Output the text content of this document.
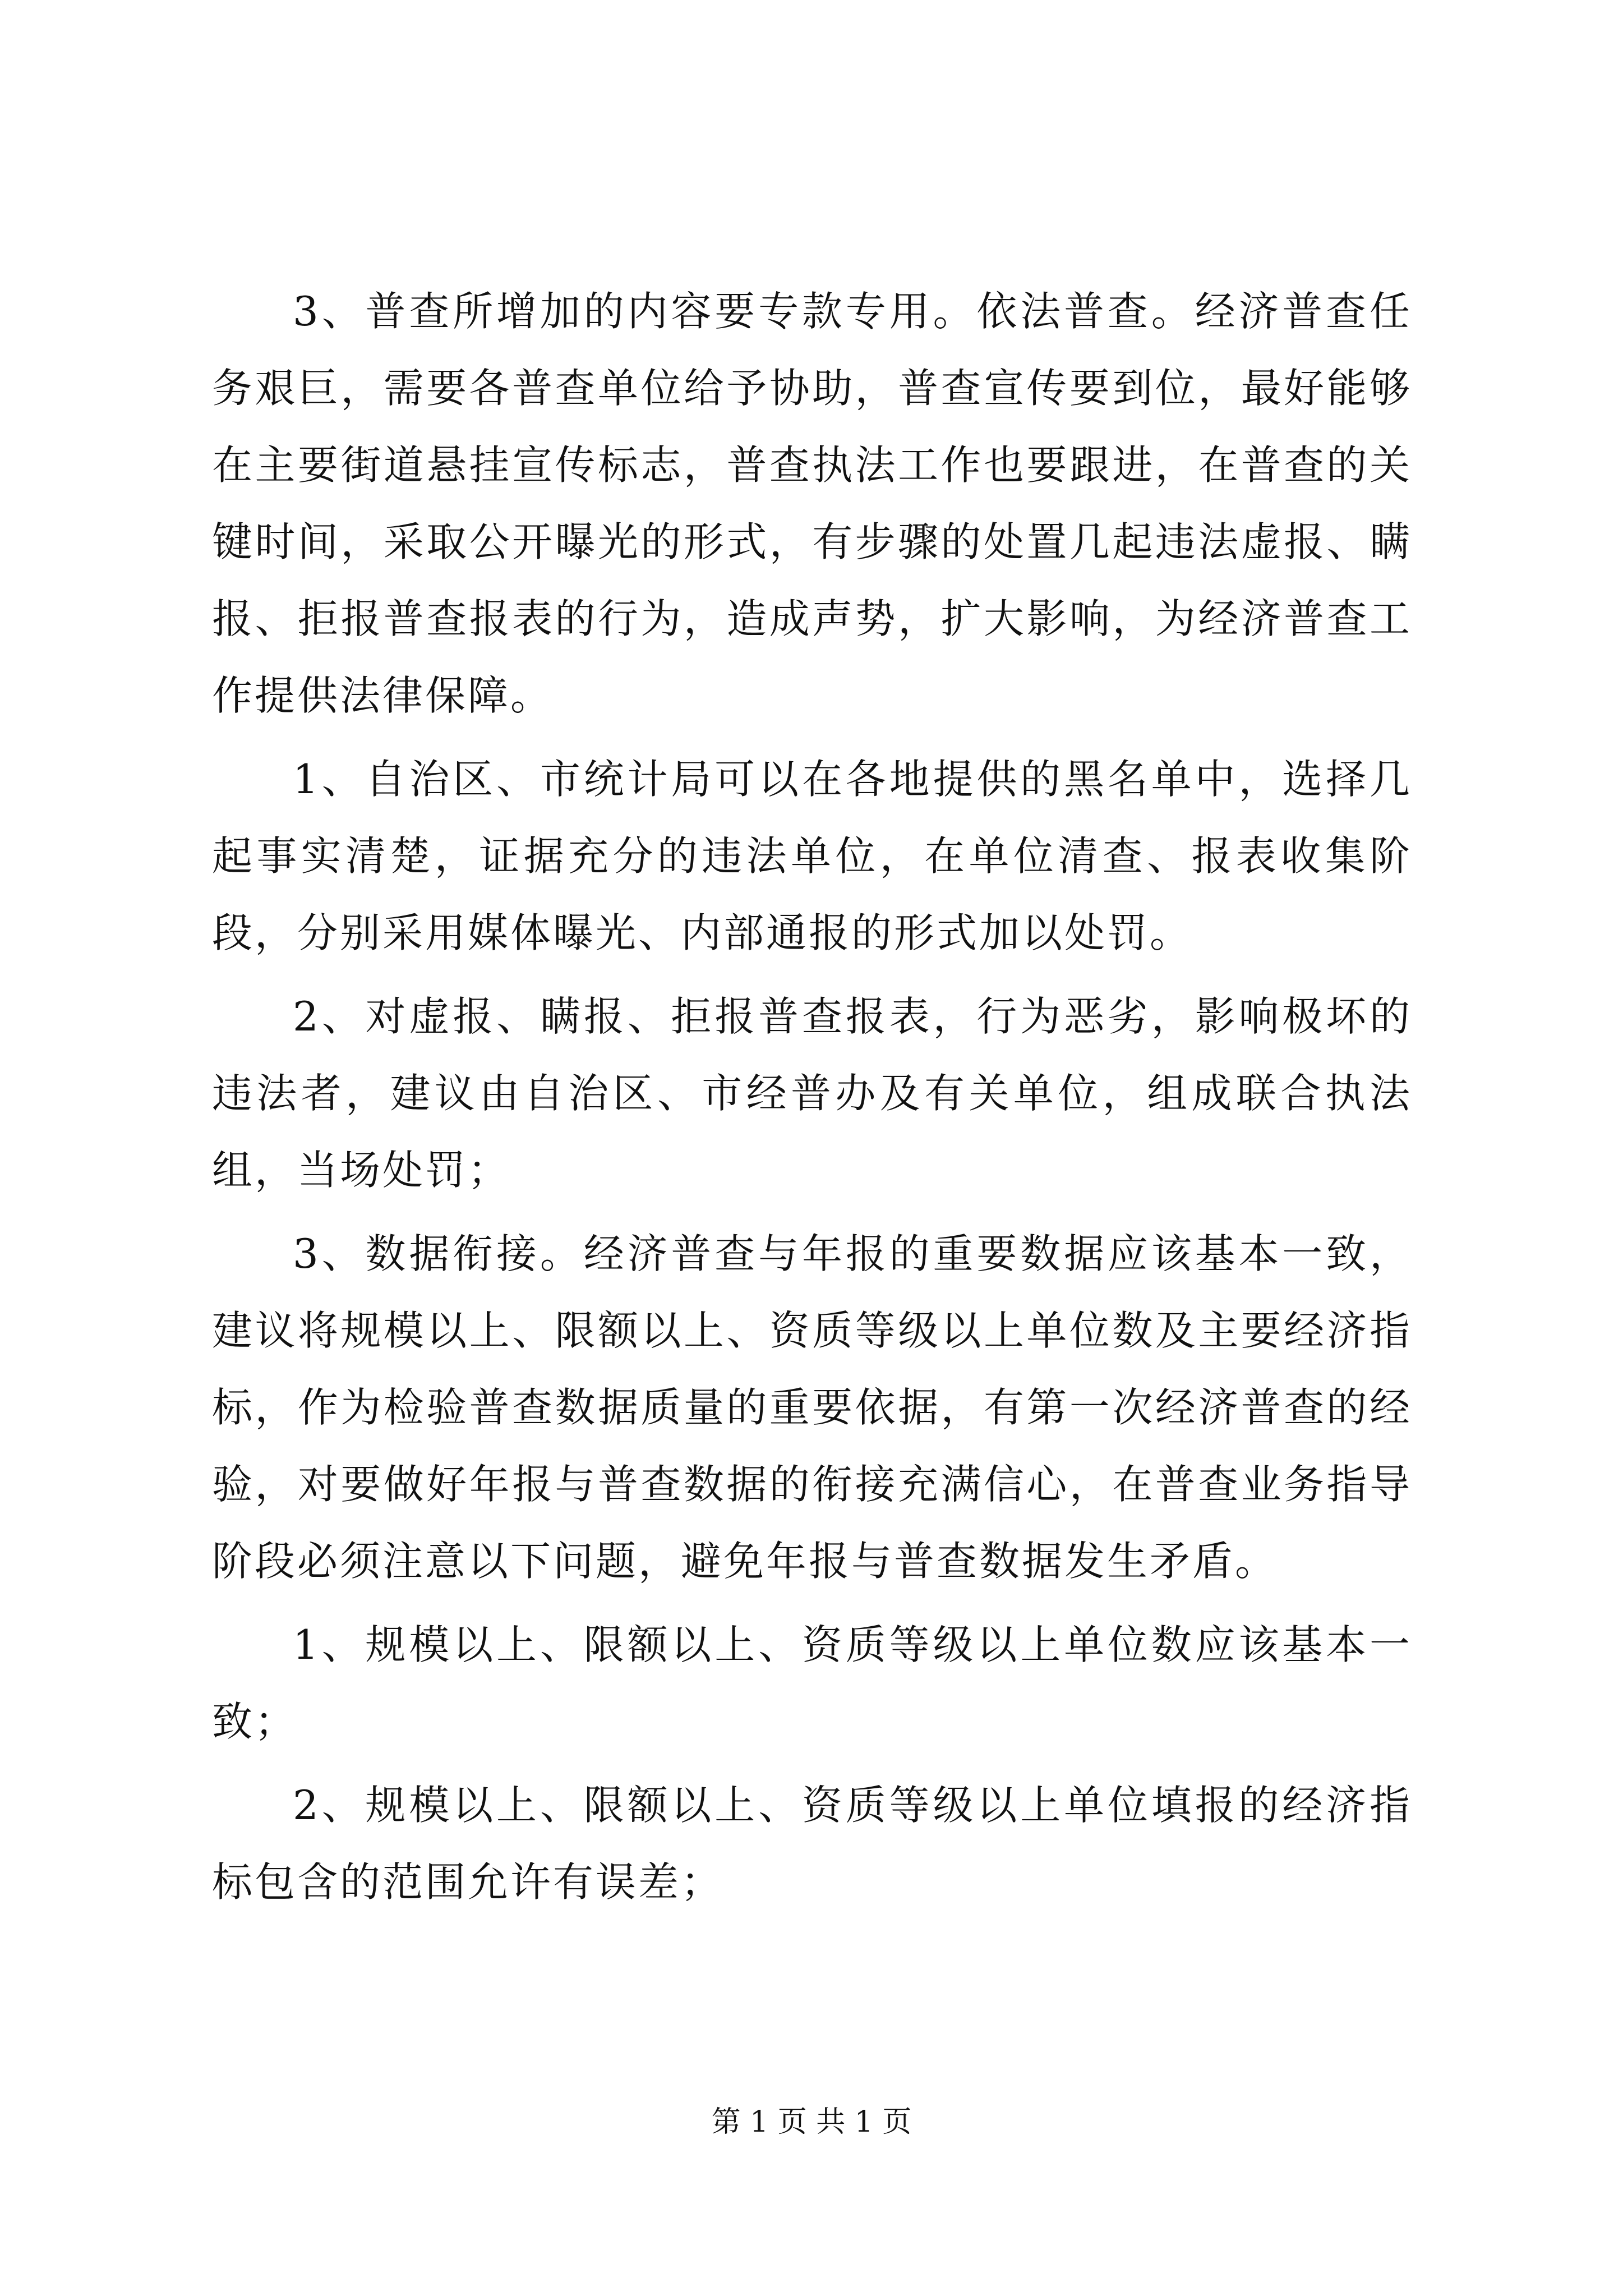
3、普查所增加的内容要专款专用。依法普查。经济普查任务艰巨，需要各普查单位给予协助，普查宣传要到位，最好能够在主要街道悬挂宣传标志，普查执法工作也要跟进，在普查的关键时间，采取公开曝光的形式，有步骤的处置几起违法虚报、瞒报、拒报普查报表的行为，造成声势，扩大影响，为经济普查工作提供法律保障。

1、自治区、市统计局可以在各地提供的黑名单中，选择几起事实清楚，证据充分的违法单位，在单位清查、报表收集阶段，分别采用媒体曝光、内部通报的形式加以处罚。

2、对虚报、瞒报、拒报普查报表，行为恶劣，影响极坏的违法者，建议由自治区、市经普办及有关单位，组成联合执法组，当场处罚；

3、数据衔接。经济普查与年报的重要数据应该基本一致，建议将规模以上、限额以上、资质等级以上单位数及主要经济指标，作为检验普查数据质量的重要依据，有第一次经济普查的经验，对要做好年报与普查数据的衔接充满信心，在普查业务指导阶段必须注意以下问题，避免年报与普查数据发生矛盾。

1、规模以上、限额以上、资质等级以上单位数应该基本一致；

2、规模以上、限额以上、资质等级以上单位填报的经济指标包含的范围允许有误差；

第 1 页 共 1 页
